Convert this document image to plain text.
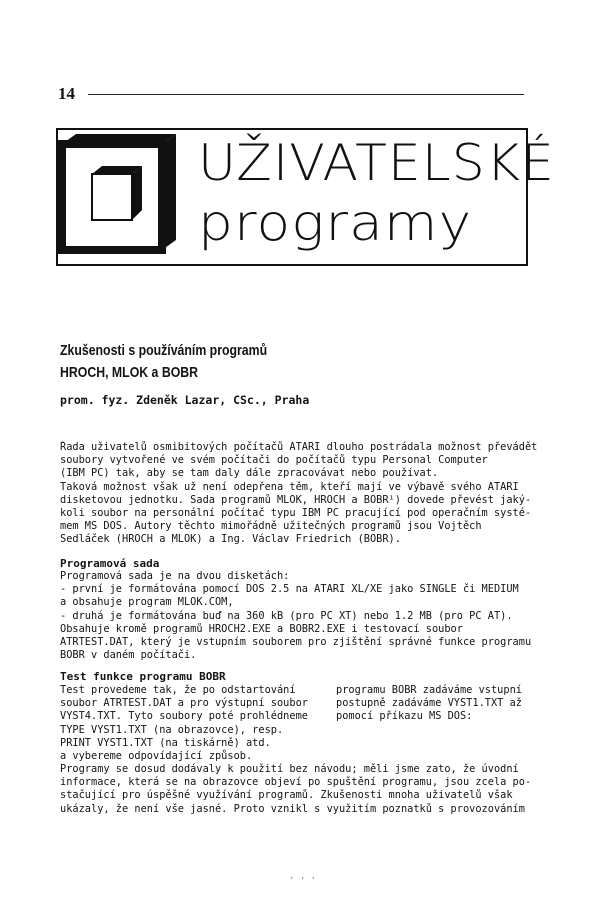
14
UŽIVATELSKÉ
programy
Zkušenosti s používáním programů
HROCH, MLOK a BOBR
prom. fyz. Zdeněk Lazar, CSc., Praha

Řada uživatelů osmibitových počítačů ATARI dlouho postrádala možnost převádět

soubory vytvořené ve svém počítači do počítačů typu Personal Computer

(IBM PC) tak, aby se tam daly dále zpracovávat nebo používat.

Taková možnost však už není odepřena těm, kteří mají ve výbavě svého ATARI

disketovou jednotku. Sada programů MLOK, HROCH a BOBR¹) dovede převést jaký-

koli soubor na personální počítač typu IBM PC pracující pod operačním systé-

mem MS DOS. Autory těchto mimořádně užitečných programů jsou Vojtěch

Sedláček (HROCH a MLOK) a Ing. Václav Friedrich (BOBR).

Programová sada

Programová sada je na dvou disketách:

- první je formátována pomocí DOS 2.5 na ATARI XL/XE jako SINGLE či MEDIUM

a obsahuje program MLOK.COM,

- druhá je formátována buď na 360 kB (pro PC XT) nebo 1.2 MB (pro PC AT).

Obsahuje kromě programů HROCH2.EXE a BOBR2.EXE i testovací soubor

ATRTEST.DAT, který je vstupním souborem pro zjištění správné funkce programu

BOBR v daném počítači.

Test funkce programu BOBR

Test provedeme tak, že po odstartování

soubor ATRTEST.DAT a pro výstupní soubor

VYST4.TXT. Tyto soubory poté prohlédneme

TYPE VYST1.TXT (na obrazovce), resp.

PRINT VYST1.TXT (na tiskárně) atd.

a vybereme odpovídající způsob.

programu BOBR zadáváme vstupní

postupně zadáváme VYST1.TXT až

pomocí příkazu MS DOS:

Programy se dosud dodávaly k použití bez návodu; měli jsme zato, že úvodní

informace, která se na obrazovce objeví po spuštění programu, jsou zcela po-

stačující pro úspěšné využívání programů. Zkušenosti mnoha uživatelů však

ukázaly, že není vše jasné. Proto vznikl s využitím poznatků s provozováním

· · ·
